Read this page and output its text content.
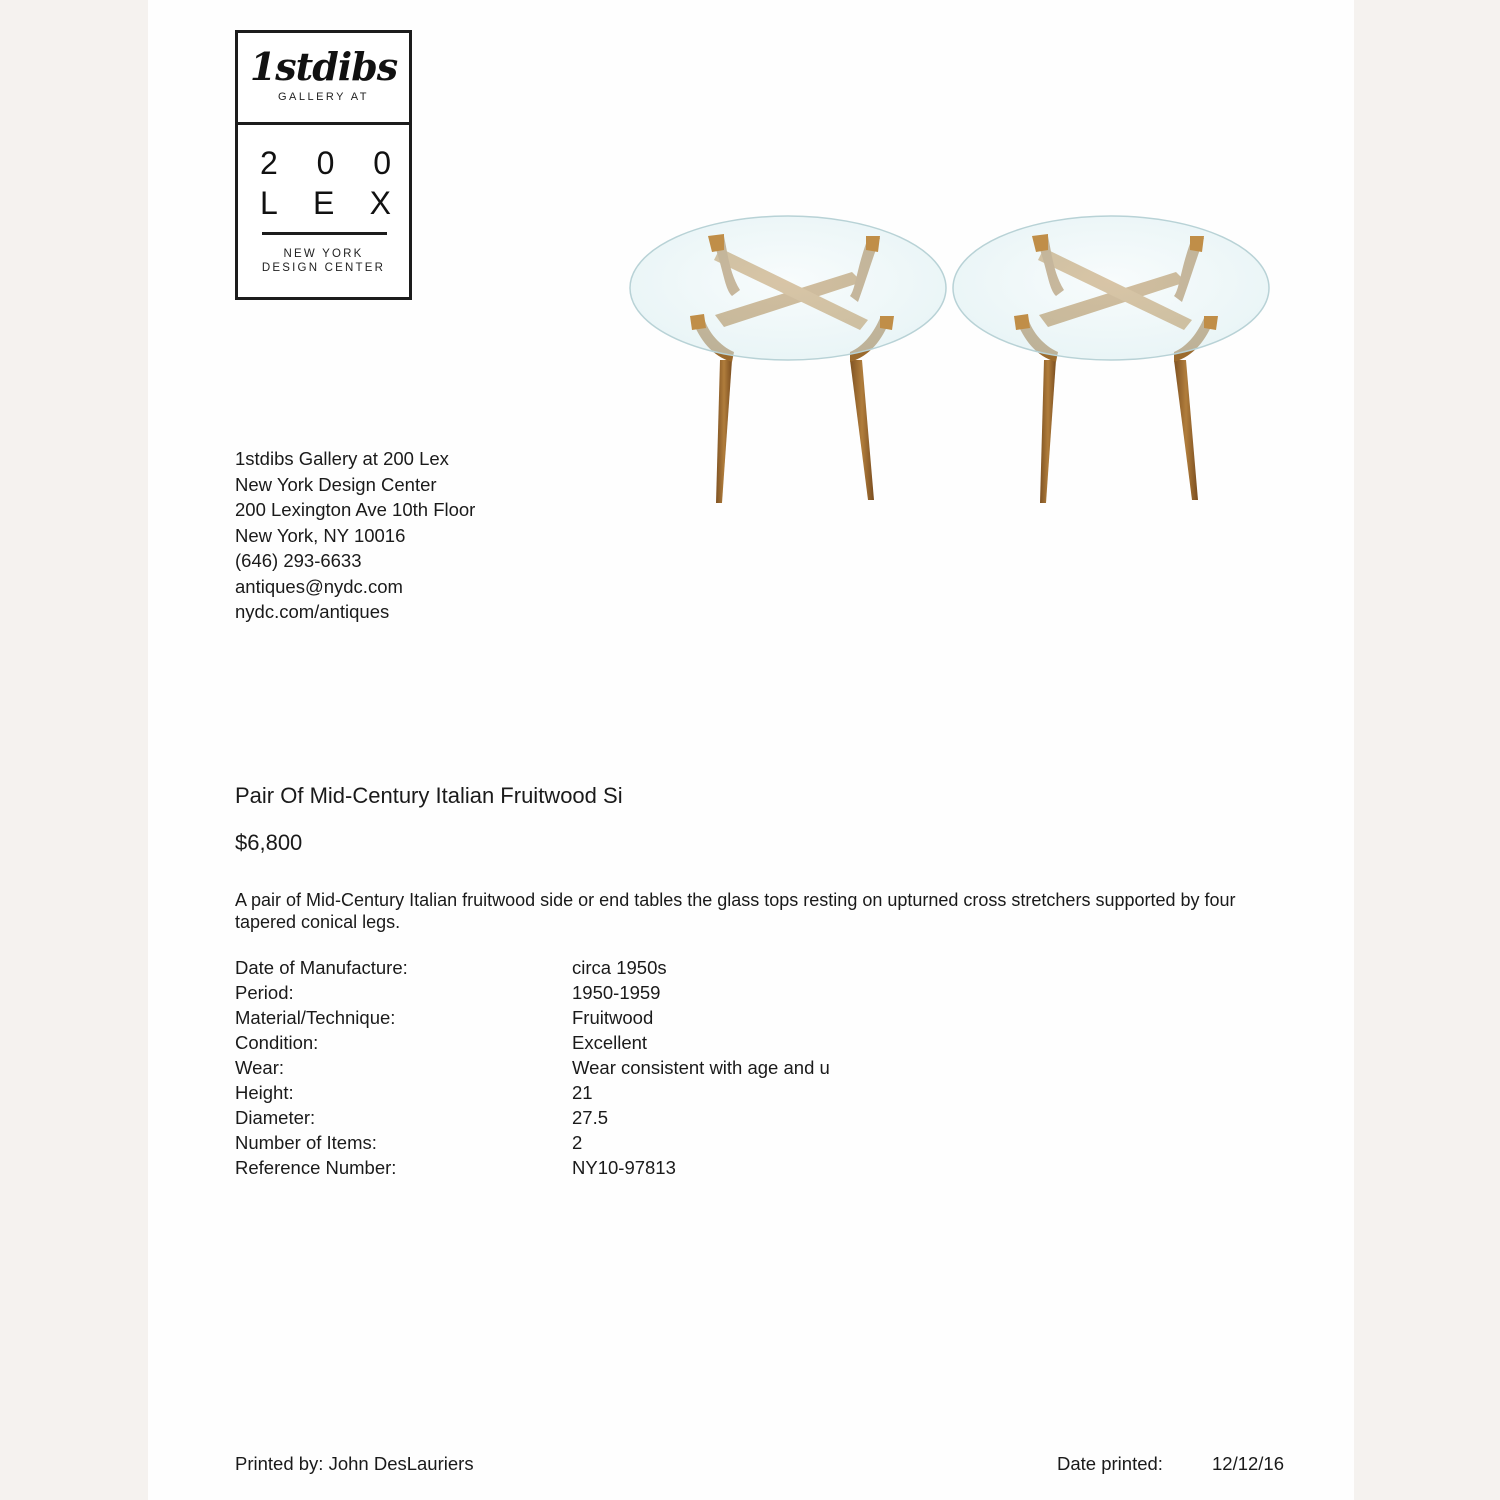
1stdibs
GALLERY AT
2 0 0
L E X
NEW YORK
DESIGN CENTER
1stdibs Gallery at 200 Lex
New York Design Center
200 Lexington Ave 10th Floor
New York, NY 10016
(646) 293-6633
antiques@nydc.com
nydc.com/antiques
Pair Of Mid-Century Italian Fruitwood Si
$6,800
A pair of Mid-Century Italian fruitwood side or end tables the glass tops resting on upturned cross stretchers supported by four tapered conical legs.
Date of Manufacture:	circa 1950s
Period:	1950-1959
Material/Technique:	Fruitwood
Condition:	Excellent
Wear:	Wear consistent with age and u
Height:	21
Diameter:	27.5
Number of Items:	2
Reference Number:	NY10-97813
Printed by: John DesLauriers	Date printed:	12/12/16
